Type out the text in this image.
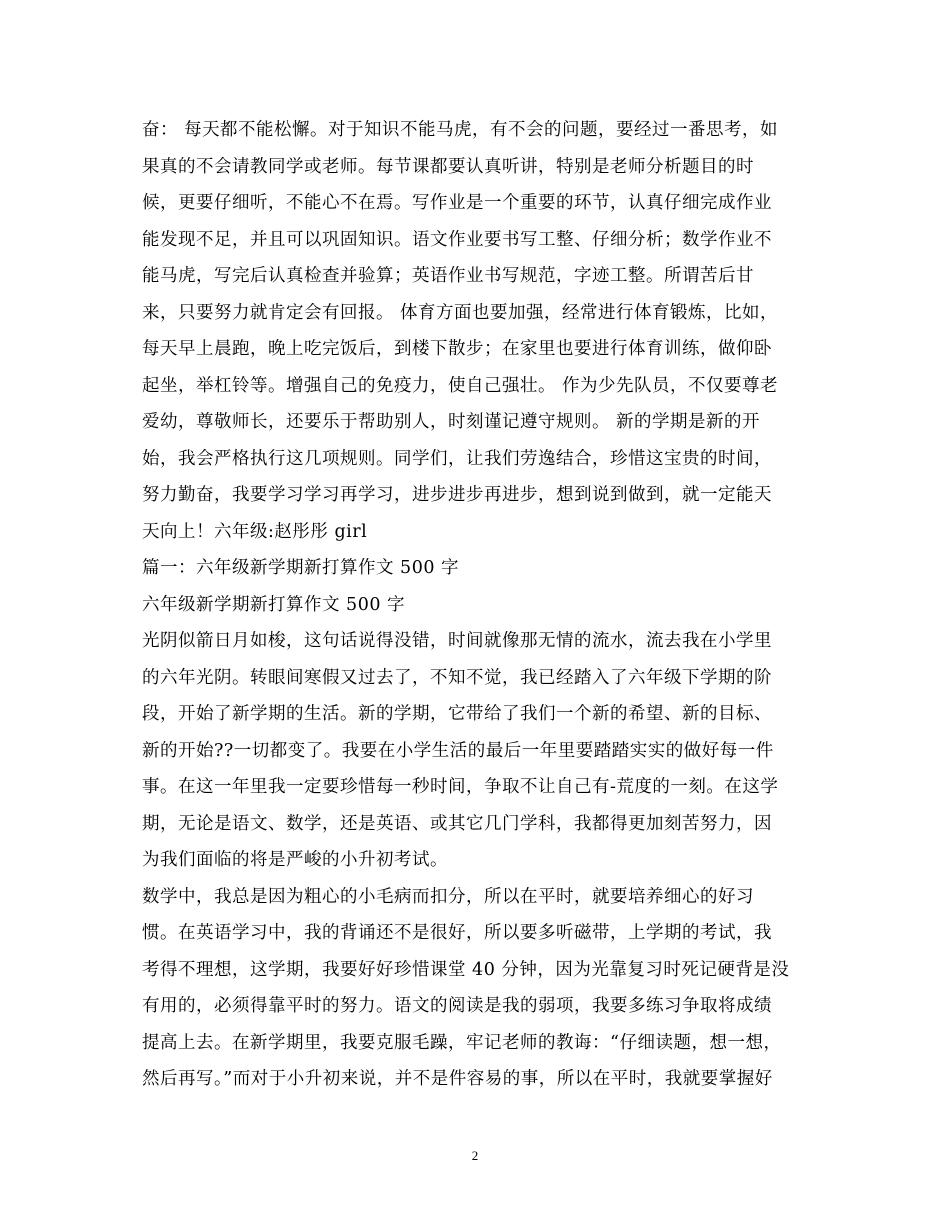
奋： 每天都不能松懈。对于知识不能马虎，有不会的问题，要经过一番思考，如
果真的不会请教同学或老师。每节课都要认真听讲，特别是老师分析题目的时
候，更要仔细听，不能心不在焉。写作业是一个重要的环节，认真仔细完成作业
能发现不足，并且可以巩固知识。语文作业要书写工整、仔细分析；数学作业不
能马虎，写完后认真检查并验算；英语作业书写规范，字迹工整。所谓苦后甘
来，只要努力就肯定会有回报。 体育方面也要加强，经常进行体育锻炼，比如，
每天早上晨跑，晚上吃完饭后，到楼下散步；在家里也要进行体育训练，做仰卧
起坐，举杠铃等。增强自己的免疫力，使自己强壮。 作为少先队员，不仅要尊老
爱幼，尊敬师长，还要乐于帮助别人，时刻谨记遵守规则。 新的学期是新的开
始，我会严格执行这几项规则。同学们，让我们劳逸结合，珍惜这宝贵的时间，
努力勤奋，我要学习学习再学习，进步进步再进步，想到说到做到，就一定能天
天向上！六年级:赵彤彤 girl
篇一：六年级新学期新打算作文 500 字
六年级新学期新打算作文 500 字
光阴似箭日月如梭，这句话说得没错，时间就像那无情的流水，流去我在小学里
的六年光阴。转眼间寒假又过去了，不知不觉，我已经踏入了六年级下学期的阶
段，开始了新学期的生活。新的学期，它带给了我们一个新的希望、新的目标、
新的开始??一切都变了。我要在小学生活的最后一年里要踏踏实实的做好每一件
事。在这一年里我一定要珍惜每一秒时间，争取不让自己有-荒度的一刻。在这学
期，无论是语文、数学，还是英语、或其它几门学科，我都得更加刻苦努力，因
为我们面临的将是严峻的小升初考试。
数学中，我总是因为粗心的小毛病而扣分，所以在平时，就要培养细心的好习
惯。在英语学习中，我的背诵还不是很好，所以要多听磁带，上学期的考试，我
考得不理想，这学期，我要好好珍惜课堂 40 分钟，因为光靠复习时死记硬背是没
有用的，必须得靠平时的努力。语文的阅读是我的弱项，我要多练习争取将成绩
提高上去。在新学期里，我要克服毛躁，牢记老师的教诲：“仔细读题，想一想，
然后再写。”而对于小升初来说，并不是件容易的事，所以在平时，我就要掌握好
2
